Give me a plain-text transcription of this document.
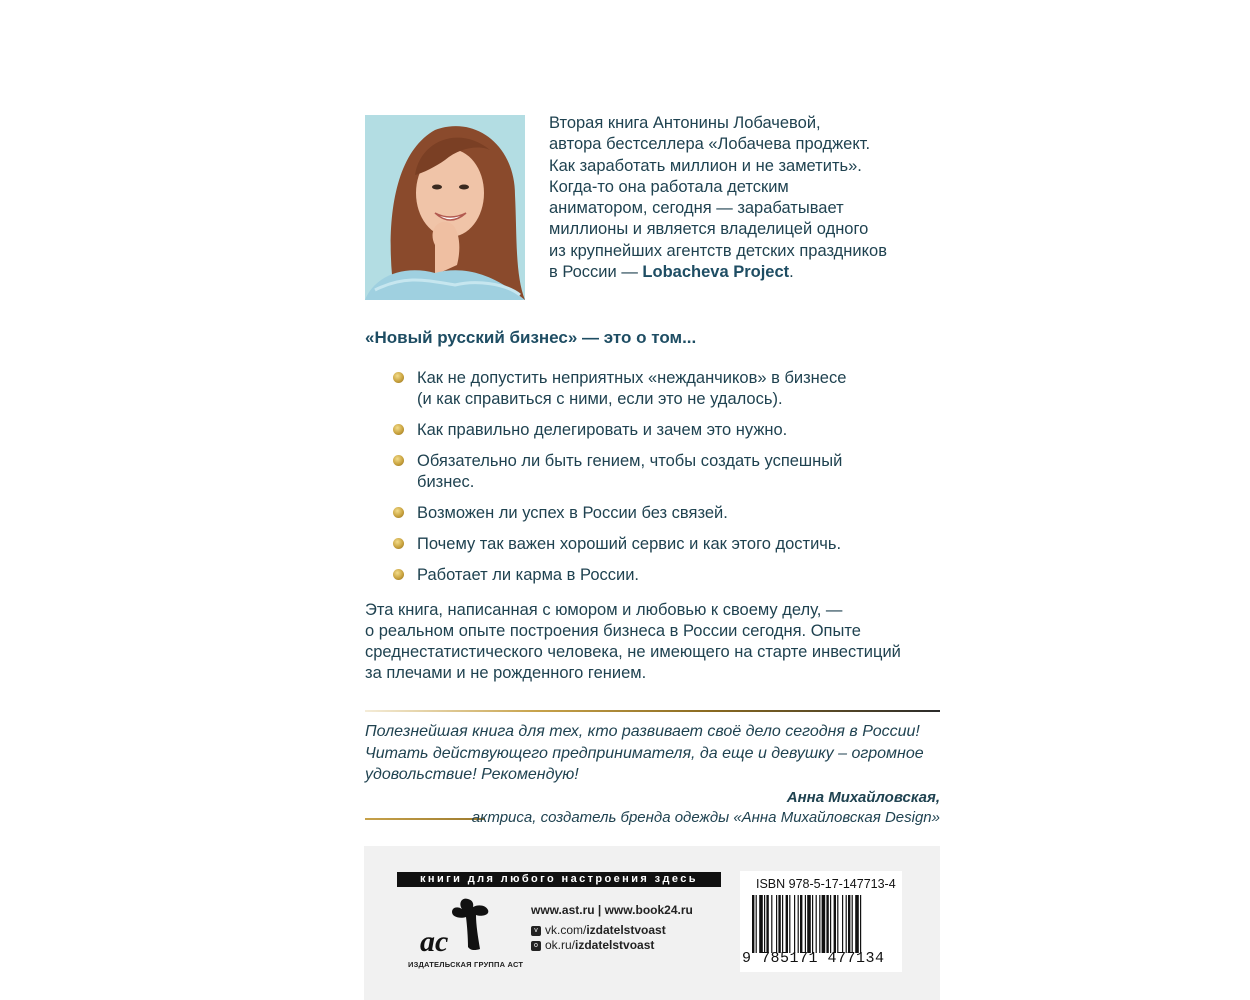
Вторая книга Антонины Лобачевой,
автора бестселлера «Лобачева проджект.
Как заработать миллион и не заметить».
Когда-то она работала детским
аниматором, сегодня — зарабатывает
миллионы и является владелицей одного
из крупнейших агентств детских праздников
в России — Lobacheva Project.
«Новый русский бизнес» — это о том...
Как не допустить неприятных «нежданчиков» в бизнесе
(и как справиться с ними, если это не удалось).
Как правильно делегировать и зачем это нужно.
Обязательно ли быть гением, чтобы создать успешный
бизнес.
Возможен ли успех в России без связей.
Почему так важен хороший сервис и как этого достичь.
Работает ли карма в России.
Эта книга, написанная с юмором и любовью к своему делу, —
о реальном опыте построения бизнеса в России сегодня. Опыте
среднестатистического человека, не имеющего на старте инвестиций
за плечами и не рожденного гением.
Полезнейшая книга для тех, кто развивает своё дело сегодня в России!
Читать действующего предпринимателя, да еще и девушку – огромное
удовольствие! Рекомендую!
Анна Михайловская,
актриса, создатель бренда одежды «Анна Михайловская Design»
книги для любого настроения здесь
ac
ИЗДАТЕЛЬСКАЯ ГРУППА АСТ
www.ast.ru | www.book24.ru
v vk.com/izdatelstvoast
o ok.ru/izdatelstvoast
ISBN 978-5-17-147713-4
9 785171 477134
